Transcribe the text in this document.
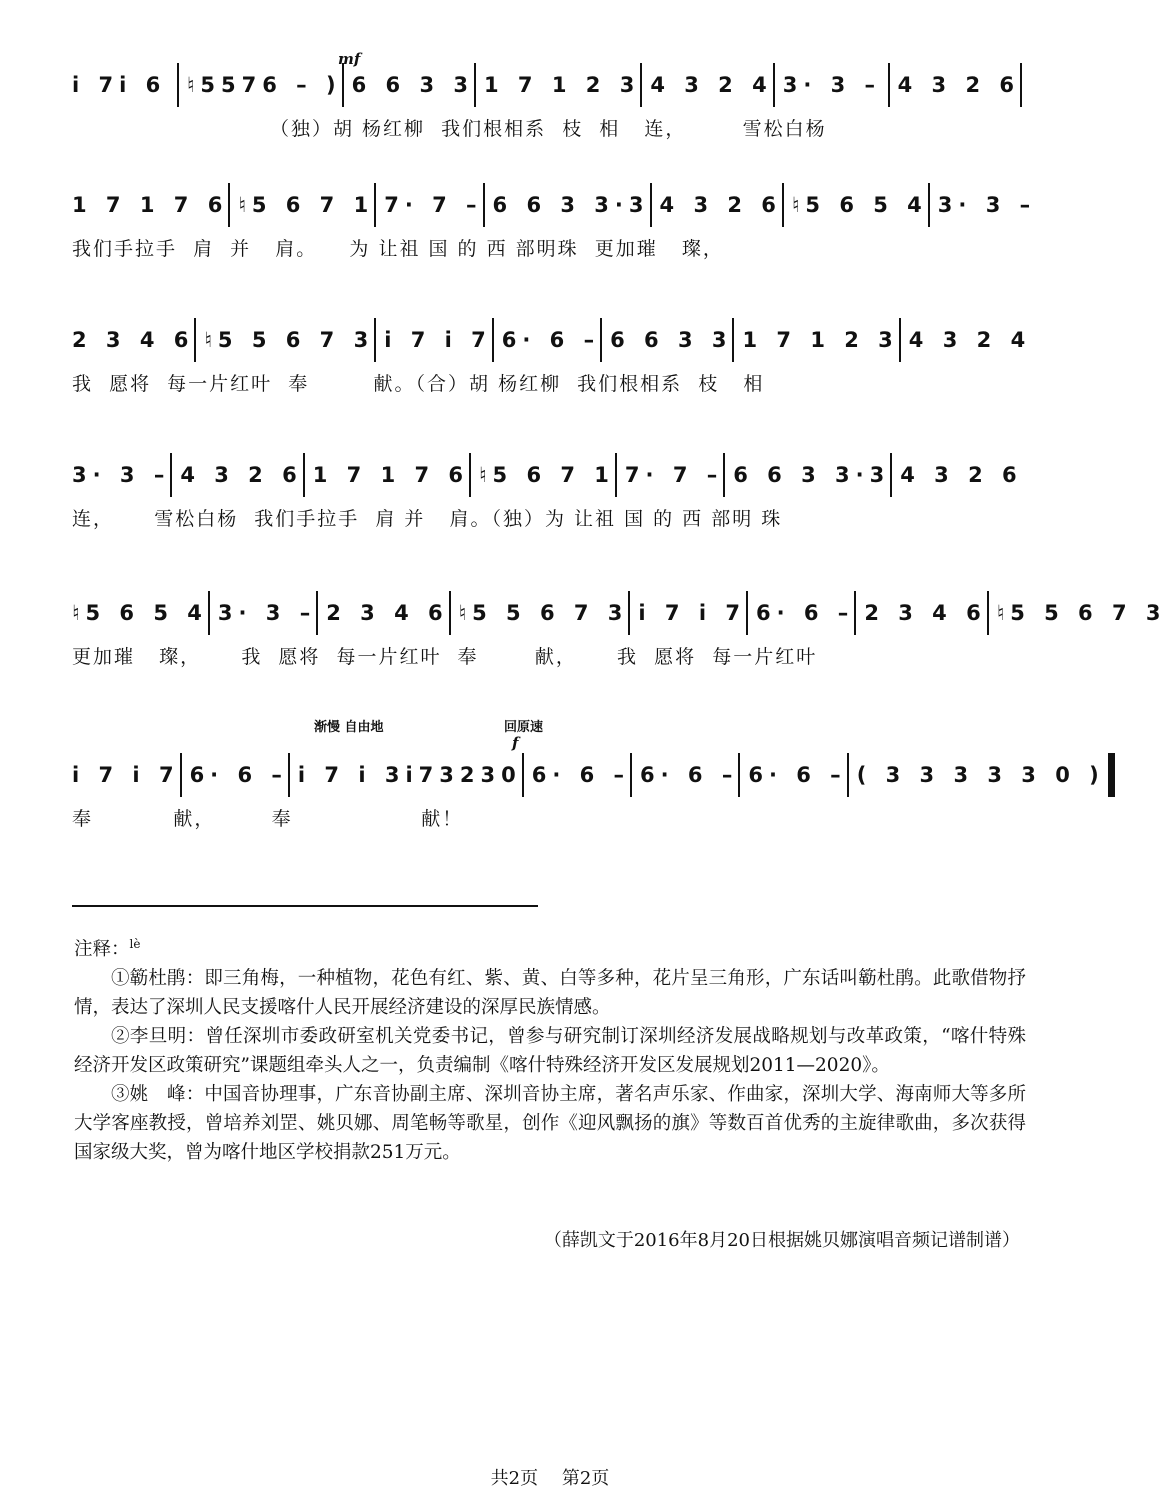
i 7i 6 ♮5576 – ) 6 6 3 3 1 7 1 2 3 4 3 2 4 3· 3 – 4 3 2 6
（独）胡 杨红柳  我们根相系  枝  相   连，       雪松白杨
1 7 1 7 6 ♮5 6 7 1 7· 7 – 6 6 3 3·3 4 3 2 6 ♮5 6 5 4 3· 3 –
我们手拉手  肩  并   肩。    为 让祖 国 的 西 部明珠  更加璀   璨，
2 3 4 6 ♮5 5 6 7 3 i 7 i 7 6· 6 – 6 6 3 3 1 7 1 2 3 4 3 2 4
我  愿将  每一片红叶  奉        献。（合）胡 杨红柳  我们根相系  枝   相
3· 3 – 4 3 2 6 1 7 1 7 6 ♮5 6 7 1 7· 7 – 6 6 3 3·3 4 3 2 6
连，     雪松白杨  我们手拉手  肩 并   肩。（独）为 让祖 国 的 西 部明 珠
♮5 6 5 4 3· 3 – 2 3 4 6 ♮5 5 6 7 3 i 7 i 7 6· 6 – 2 3 4 6 ♮5 5 6 7 3
更加璀   璨，     我  愿将  每一片红叶  奉       献，     我  愿将  每一片红叶
i 7 i 7 6· 6 – i 7 i 3i73230 6· 6 – 6· 6 – 6· 6 – ( 3 3 3 3 3 0 )
奉          献，       奉                献！
mf
渐慢 自由地	回原速
f

注释：$^{lè}$

①簕杜鹃：即三角梅，一种植物，花色有红、紫、黄、白等多种，花片呈三角形，广东话叫簕杜鹃。此歌借物抒情，表达了深圳人民支援喀什人民开展经济建设的深厚民族情感。

②李旦明：曾任深圳市委政研室机关党委书记，曾参与研究制订深圳经济发展战略规划与改革政策，“喀什特殊经济开发区政策研究”课题组牵头人之一，负责编制《喀什特殊经济开发区发展规划2011—2020》。

③姚　峰：中国音协理事，广东音协副主席、深圳音协主席，著名声乐家、作曲家，深圳大学、海南师大等多所大学客座教授，曾培养刘罡、姚贝娜、周笔畅等歌星，创作《迎风飘扬的旗》等数百首优秀的主旋律歌曲，多次获得国家级大奖，曾为喀什地区学校捐款251万元。

（薛凯文于2016年8月20日根据姚贝娜演唱音频记谱制谱）
共2页 第2页
